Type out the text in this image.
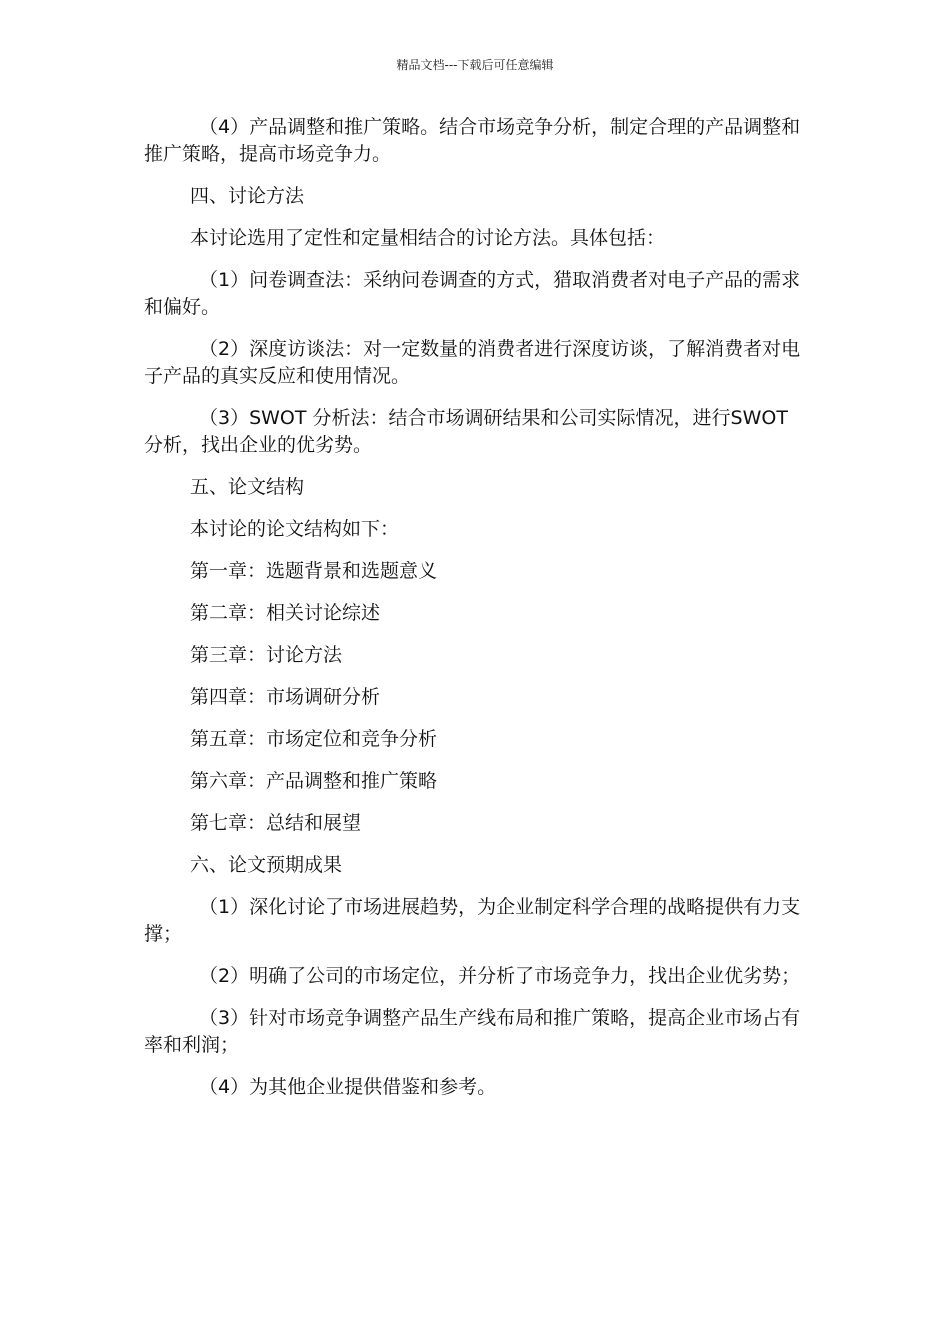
精品文档---下载后可任意编辑

（4）产品调整和推广策略。结合市场竞争分析，制定合理的产品调整和推广策略，提高市场竞争力。

四、讨论方法

本讨论选用了定性和定量相结合的讨论方法。具体包括：

（1）问卷调查法：采纳问卷调查的方式，猎取消费者对电子产品的需求和偏好。

（2）深度访谈法：对一定数量的消费者进行深度访谈，了解消费者对电子产品的真实反应和使用情况。

（3）SWOT 分析法：结合市场调研结果和公司实际情况，进行SWOT 分析，找出企业的优劣势。

五、论文结构

本讨论的论文结构如下：

第一章：选题背景和选题意义

第二章：相关讨论综述

第三章：讨论方法

第四章：市场调研分析

第五章：市场定位和竞争分析

第六章：产品调整和推广策略

第七章：总结和展望

六、论文预期成果

（1）深化讨论了市场进展趋势，为企业制定科学合理的战略提供有力支撑；

（2）明确了公司的市场定位，并分析了市场竞争力，找出企业优劣势；

（3）针对市场竞争调整产品生产线布局和推广策略，提高企业市场占有率和利润；

（4）为其他企业提供借鉴和参考。
